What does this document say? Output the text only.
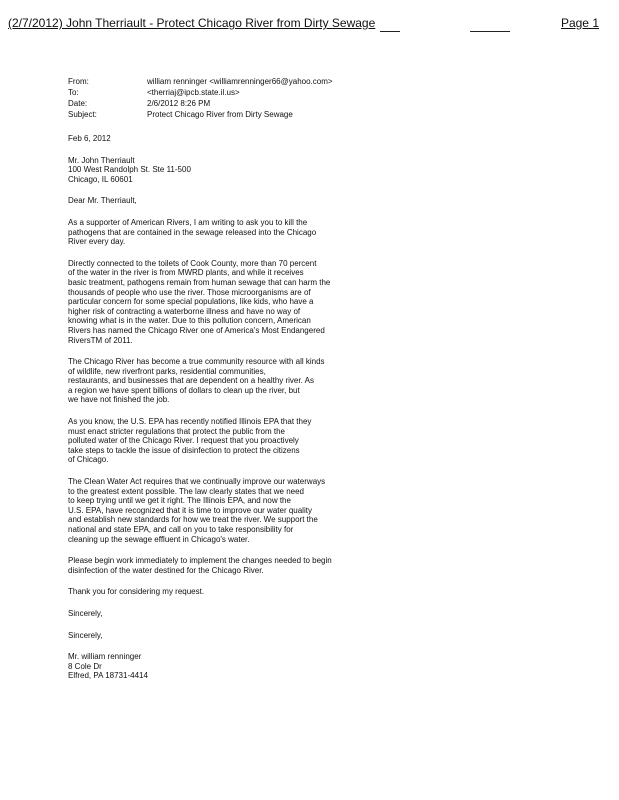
(2/7/2012) John Therriault - Protect Chicago River from Dirty Sewage	Page 1
From:	william renninger <williamrenninger66@yahoo.com>
To:	<therriaj@ipcb.state.il.us>
Date:	2/6/2012 8:26 PM
Subject:	Protect Chicago River from Dirty Sewage

Feb 6, 2012

Mr. John Therriault
100 West Randolph St. Ste 11-500
Chicago, IL 60601

Dear Mr. Therriault,

As a supporter of American Rivers, I am writing to ask you to kill the
pathogens that are contained in the sewage released into the Chicago
River every day.

Directly connected to the toilets of Cook County, more than 70 percent
of the water in the river is from MWRD plants, and while it receives
basic treatment, pathogens remain from human sewage that can harm the
thousands of people who use the river. Those microorganisms are of
particular concern for some special populations, like kids, who have a
higher risk of contracting a waterborne illness and have no way of
knowing what is in the water. Due to this pollution concern, American
Rivers has named the Chicago River one of America's Most Endangered
RiversTM of 2011.

The Chicago River has become a true community resource with all kinds
of wildlife, new riverfront parks, residential communities,
restaurants, and businesses that are dependent on a healthy river. As
a region we have spent billions of dollars to clean up the river, but
we have not finished the job.

As you know, the U.S. EPA has recently notified Illinois EPA that they
must enact stricter regulations that protect the public from the
polluted water of the Chicago River. I request that you proactively
take steps to tackle the issue of disinfection to protect the citizens
of Chicago.

The Clean Water Act requires that we continually improve our waterways
to the greatest extent possible. The law clearly states that we need
to keep trying until we get it right. The Illinois EPA, and now the
U.S. EPA, have recognized that it is time to improve our water quality
and establish new standards for how we treat the river. We support the
national and state EPA, and call on you to take responsibility for
cleaning up the sewage effluent in Chicago's water.

Please begin work immediately to implement the changes needed to begin
disinfection of the water destined for the Chicago River.

Thank you for considering my request.

Sincerely,

Sincerely,

Mr. william renninger
8 Cole Dr
Elfred, PA 18731-4414
